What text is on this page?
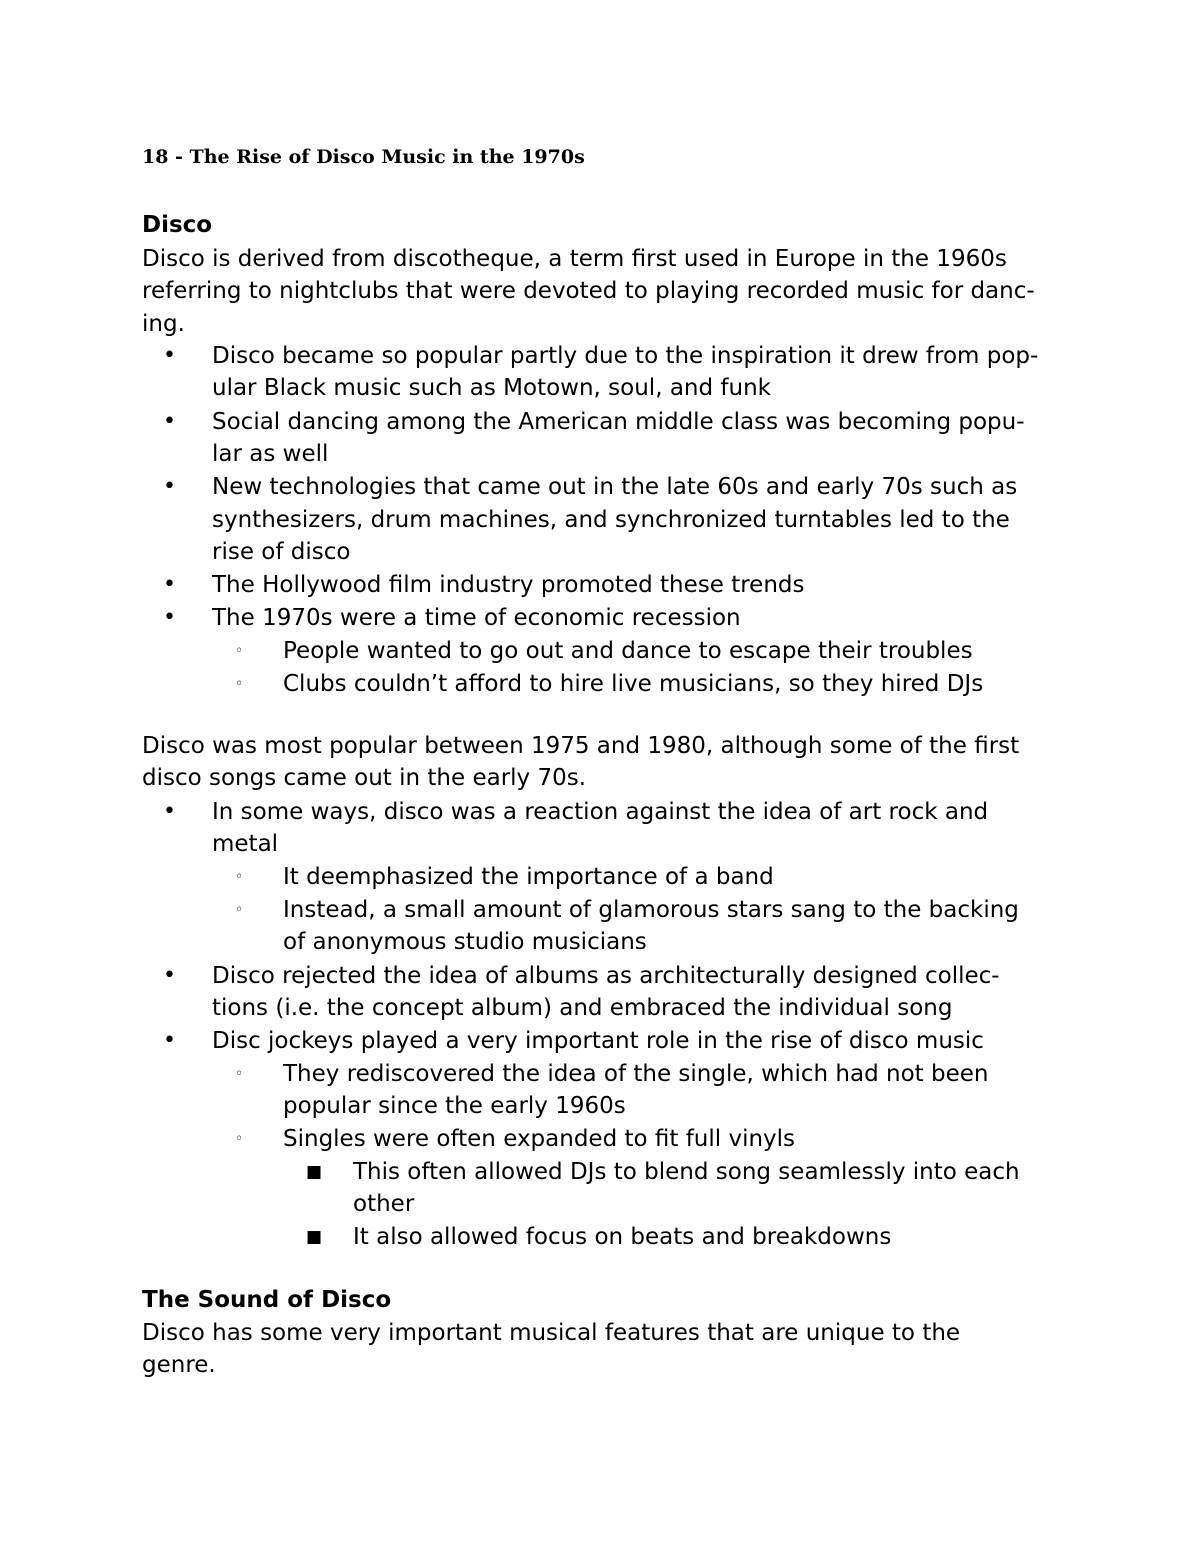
18 - The Rise of Disco Music in the 1970s
Disco
Disco is derived from discotheque, a term first used in Europe in the 1960s
referring to nightclubs that were devoted to playing recorded music for danc-
ing.
• Disco became so popular partly due to the inspiration it drew from pop-
ular Black music such as Motown, soul, and funk
• Social dancing among the American middle class was becoming popu-
lar as well
• New technologies that came out in the late 60s and early 70s such as
synthesizers, drum machines, and synchronized turntables led to the
rise of disco
• The Hollywood film industry promoted these trends
• The 1970s were a time of economic recession
◦ People wanted to go out and dance to escape their troubles
◦ Clubs couldn’t afford to hire live musicians, so they hired DJs
Disco was most popular between 1975 and 1980, although some of the first
disco songs came out in the early 70s.
• In some ways, disco was a reaction against the idea of art rock and
metal
◦ It deemphasized the importance of a band
◦ Instead, a small amount of glamorous stars sang to the backing
of anonymous studio musicians
• Disco rejected the idea of albums as architecturally designed collec-
tions (i.e. the concept album) and embraced the individual song
• Disc jockeys played a very important role in the rise of disco music
◦ They rediscovered the idea of the single, which had not been
popular since the early 1960s
◦ Singles were often expanded to fit full vinyls
■ This often allowed DJs to blend song seamlessly into each
other
■ It also allowed focus on beats and breakdowns
The Sound of Disco
Disco has some very important musical features that are unique to the
genre.
